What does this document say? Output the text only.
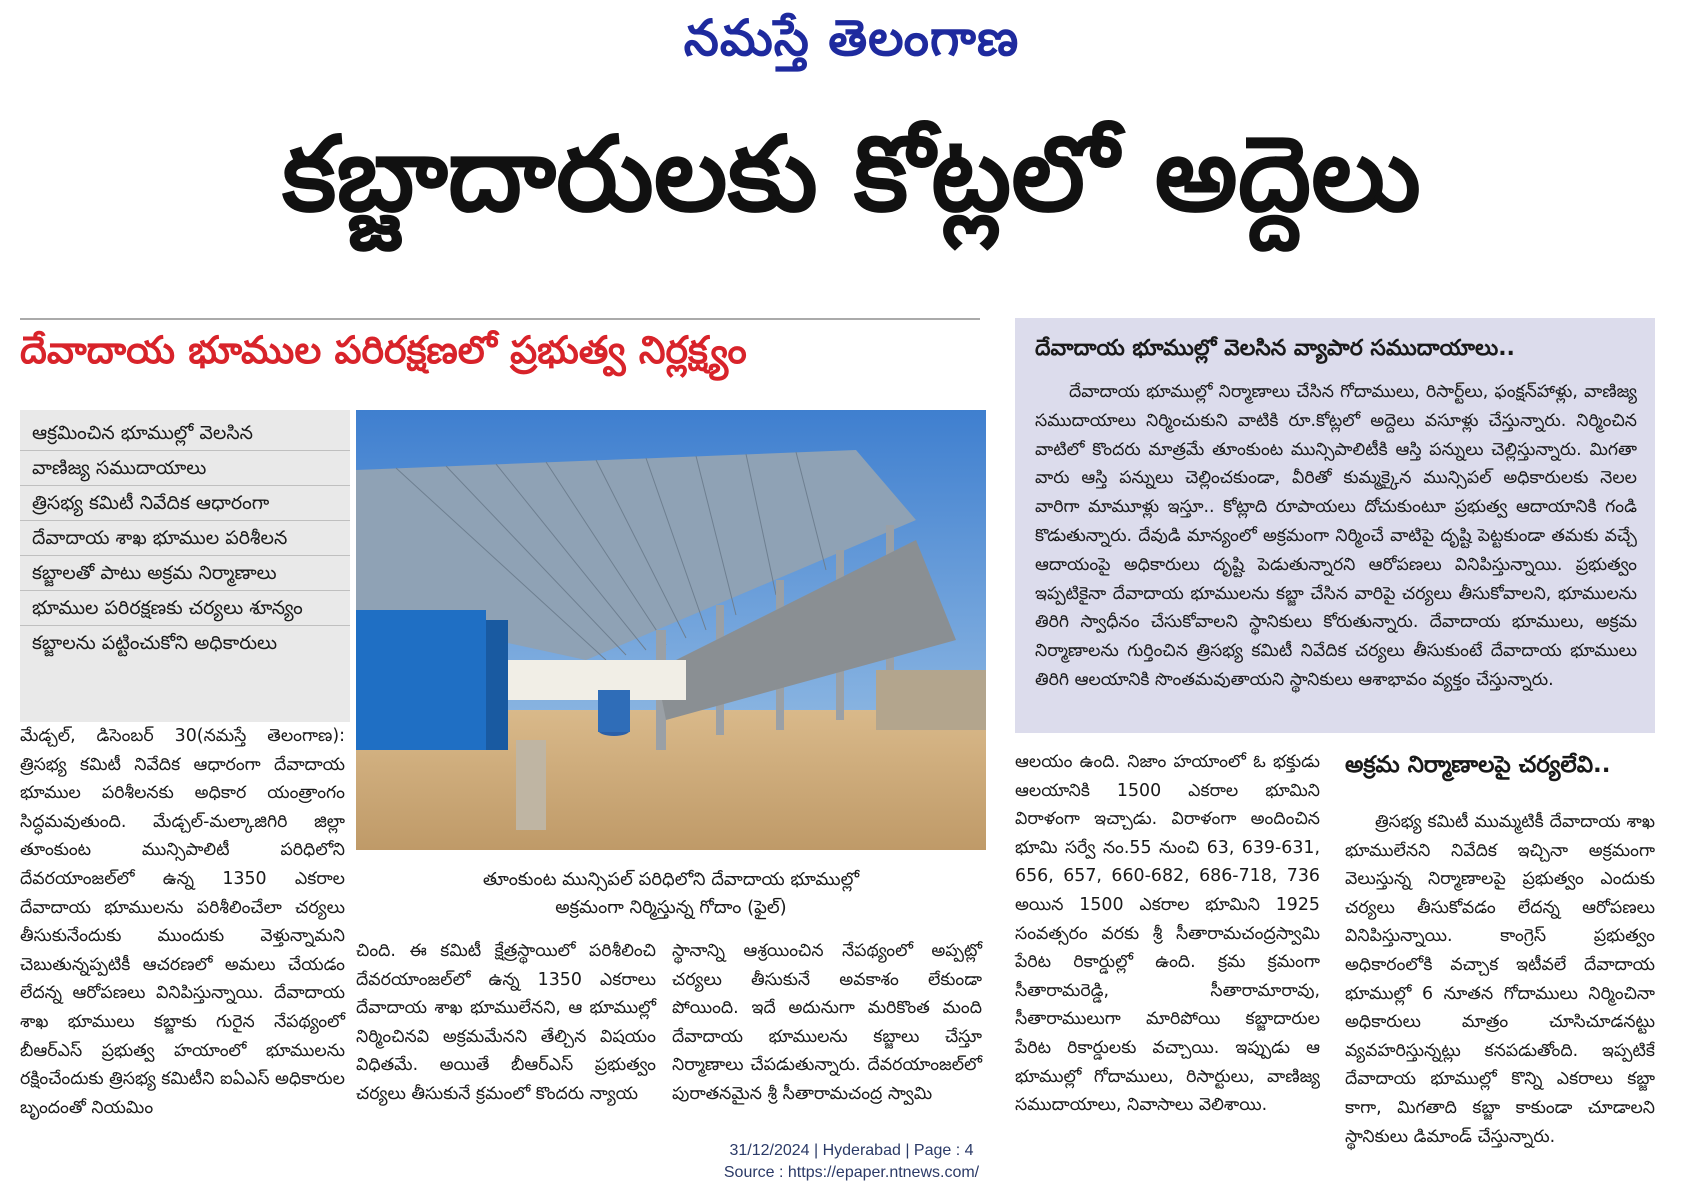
నమస్తే తెలంగాణ
కబ్జాదారులకు కోట్లలో అద్దెలు
దేవాదాయ భూముల పరిరక్షణలో ప్రభుత్వ నిర్లక్ష్యం
ఆక్రమించిన భూముల్లో వెలసిన
వాణిజ్య సముదాయాలు
త్రిసభ్య కమిటీ నివేదిక ఆధారంగా
దేవాదాయ శాఖ భూముల పరిశీలన
కబ్జాలతో పాటు అక్రమ నిర్మాణాలు
భూముల పరిరక్షణకు చర్యలు శూన్యం
కబ్జాలను పట్టించుకోని అధికారులు
తూంకుంట మున్సిపల్ పరిధిలోని దేవాదాయ భూముల్లో
అక్రమంగా నిర్మిస్తున్న గోదాం (ఫైల్)

మేడ్చల్, డిసెంబర్ 30(నమస్తే తెలంగాణ): త్రిసభ్య కమిటీ నివేదిక ఆధారంగా దేవాదాయ భూముల పరిశీలనకు అధికార యంత్రాంగం సిద్ధమవుతుంది. మేడ్చల్-మల్కాజిగిరి జిల్లా తూంకుంట మున్సిపాలిటీ పరిధిలోని దేవరయాంజల్‌లో ఉన్న 1350 ఎకరాల దేవాదాయ భూములను పరిశీలించేలా చర్యలు తీసుకునేందుకు ముందుకు వెళ్తున్నామని చెబుతున్నప్పటికీ ఆచరణలో అమలు చేయడం లేదన్న ఆరోపణలు వినిపిస్తున్నాయి. దేవాదాయ శాఖ భూములు కబ్జాకు గురైన నేపథ్యంలో బీఆర్‌ఎస్ ప్రభుత్వ హయాంలో భూములను రక్షించేందుకు త్రిసభ్య కమిటీని ఐఏఎస్ అధికారుల బృందంతో నియమిం

చింది. ఈ కమిటీ క్షేత్రస్థాయిలో పరిశీలించి దేవరయాంజల్‌లో ఉన్న 1350 ఎకరాలు దేవాదాయ శాఖ భూములేనని, ఆ భూముల్లో నిర్మించినవి అక్రమమేనని తేల్చిన విషయం విధితమే. అయితే బీఆర్‌ఎస్ ప్రభుత్వం చర్యలు తీసుకునే క్రమంలో కొందరు న్యాయ

స్థానాన్ని ఆశ్రయించిన నేపథ్యంలో అప్పట్లో చర్యలు తీసుకునే అవకాశం లేకుండా పోయింది. ఇదే అదునుగా మరికొంత మంది దేవాదాయ భూములను కబ్జాలు చేస్తూ నిర్మాణాలు చేపడుతున్నారు. దేవరయాంజల్‌లో పురాతనమైన శ్రీ సీతారామచంద్ర స్వామి

దేవాదాయ భూముల్లో వెలసిన వ్యాపార సముదాయాలు..
దేవాదాయ భూముల్లో నిర్మాణాలు చేసిన గోదాములు, రిసార్ట్‌లు, ఫంక్షన్‌హాళ్లు, వాణిజ్య సముదాయాలు నిర్మించుకుని వాటికి రూ.కోట్లలో అద్దెలు వసూళ్లు చేస్తున్నారు. నిర్మించిన వాటిలో కొందరు మాత్రమే తూంకుంట మున్సిపాలిటీకి ఆస్తి పన్నులు చెల్లిస్తున్నారు. మిగతా వారు ఆస్తి పన్నులు చెల్లించకుండా, వీరితో కుమ్మక్కైన మున్సిపల్ అధికారులకు నెలల వారిగా మామూళ్లు ఇస్తూ.. కోట్లాది రూపాయలు దోచుకుంటూ ప్రభుత్వ ఆదాయానికి గండి కొడుతున్నారు. దేవుడి మాన్యంలో అక్రమంగా నిర్మించే వాటిపై దృష్టి పెట్టకుండా తమకు వచ్చే ఆదాయంపై అధికారులు దృష్టి పెడుతున్నారని ఆరోపణలు వినిపిస్తున్నాయి. ప్రభుత్వం ఇప్పటికైనా దేవాదాయ భూములను కబ్జా చేసిన వారిపై చర్యలు తీసుకోవాలని, భూములను తిరిగి స్వాధీనం చేసుకోవాలని స్థానికులు కోరుతున్నారు. దేవాదాయ భూములు, అక్రమ నిర్మాణాలను గుర్తించిన త్రిసభ్య కమిటీ నివేదిక చర్యలు తీసుకుంటే దేవాదాయ భూములు తిరిగి ఆలయానికి సొంతమవుతాయని స్థానికులు ఆశాభావం వ్యక్తం చేస్తున్నారు.

ఆలయం ఉంది. నిజాం హయాంలో ఓ భక్తుడు ఆలయానికి 1500 ఎకరాల భూమిని విరాళంగా ఇచ్చాడు. విరాళంగా అందించిన భూమి సర్వే నం.55 నుంచి 63, 639-631, 656, 657, 660-682, 686-718, 736 అయిన 1500 ఎకరాల భూమిని 1925 సంవత్సరం వరకు శ్రీ సీతారామచంద్రస్వామి పేరిట రికార్డుల్లో ఉంది. క్రమ క్రమంగా సీతారామరెడ్డి, సీతారామారావు, సీతారాములుగా మారిపోయి కబ్జాదారుల పేరిట రికార్డులకు వచ్చాయి. ఇప్పుడు ఆ భూముల్లో గోదాములు, రిసార్టులు, వాణిజ్య సముదాయాలు, నివాసాలు వెలిశాయి.

అక్రమ నిర్మాణాలపై చర్యలేవి..

త్రిసభ్య కమిటీ ముమ్మటికీ దేవాదాయ శాఖ భూములేనని నివేదిక ఇచ్చినా అక్రమంగా వెలుస్తున్న నిర్మాణాలపై ప్రభుత్వం ఎందుకు చర్యలు తీసుకోవడం లేదన్న ఆరోపణలు వినిపిస్తున్నాయి. కాంగ్రెస్ ప్రభుత్వం అధికారంలోకి వచ్చాక ఇటీవలే దేవాదాయ భూముల్లో 6 నూతన గోదాములు నిర్మించినా అధికారులు మాత్రం చూసిచూడనట్టు వ్యవహరిస్తున్నట్లు కనపడుతోంది. ఇప్పటికే దేవాదాయ భూముల్లో కొన్ని ఎకరాలు కబ్జా కాగా, మిగతాది కబ్జా కాకుండా చూడాలని స్థానికులు డిమాండ్ చేస్తున్నారు.

31/12/2024 | Hyderabad | Page : 4
Source : https://epaper.ntnews.com/
